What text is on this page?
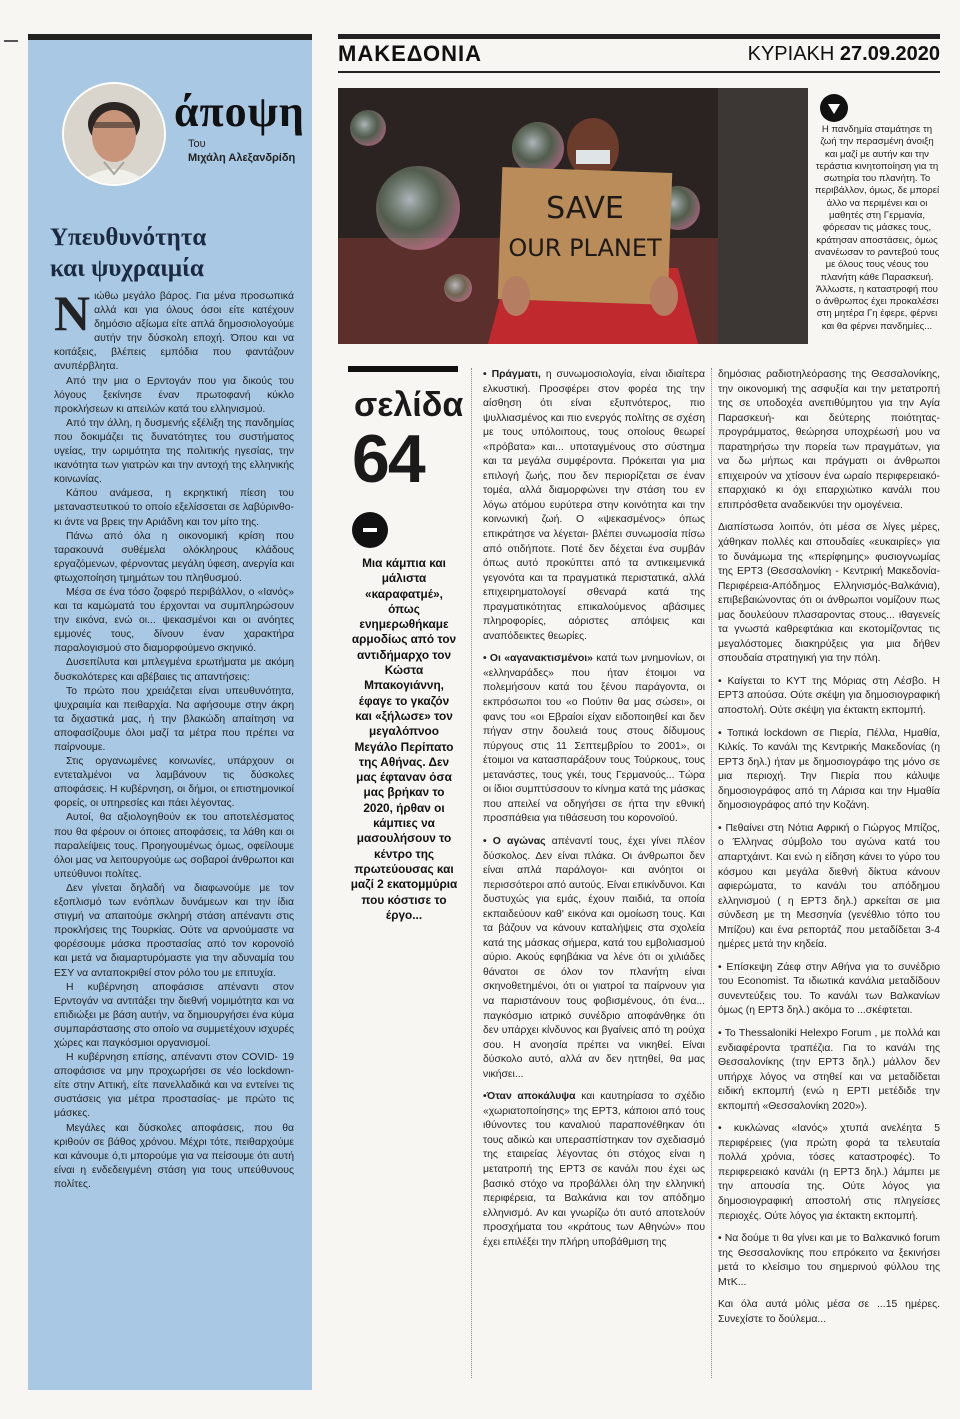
άποψη
Του
Μιχάλη Αλεξανδρίδη
Υπευθυνότητα
και ψυχραιμία

Νιώθω μεγάλο βάρος. Για μένα προσωπικά αλλά και για όλους όσοι είτε κατέχουν δημόσιο αξίωμα είτε απλά δημοσιολογούμε αυτήν την δύσκολη εποχή. Όπου και να κοιτάξεις, βλέπεις εμπόδια που φαντάζουν ανυπέρβλητα.

Από την μια ο Ερντογάν που για δικούς του λόγους ξεκίνησε έναν πρωτοφανή κύκλο προκλήσεων κι απειλών κατά του ελληνισμού.

Από την άλλη, η δυσμενής εξέλιξη της πανδημίας που δοκιμάζει τις δυνατότητες του συστήματος υγείας, την ωριμότητα της πολιτικής ηγεσίας, την ικανότητα των γιατρών και την αντοχή της ελληνικής κοινωνίας.

Κάπου ανάμεσα, η εκρηκτική πίεση του μεταναστευτικού το οποίο εξελίσσεται σε λαβύρινθο- κι άντε να βρεις την Αριάδνη και τον μίτο της.

Πάνω από όλα η οικονομική κρίση που ταρακουνά συθέμελα ολόκληρους κλάδους εργαζόμενων, φέρνοντας μεγάλη ύφεση, ανεργία και φτωχοποίηση τμημάτων του πληθυσμού.

Μέσα σε ένα τόσο ζοφερό περιβάλλον, ο «Ιανός» και τα καμώματά του έρχονται να συμπληρώσουν την εικόνα, ενώ οι... ψεκασμένοι και οι ανόητες εμμονές τους, δίνουν έναν χαρακτήρα παραλογισμού στο διαμορφούμενο σκηνικό.

Δυσεπίλυτα και μπλεγμένα ερωτήματα με ακόμη δυσκολότερες και αβέβαιες τις απαντήσεις:

Το πρώτο που χρειάζεται είναι υπευθυνότητα, ψυχραιμία και πειθαρχία. Να αφήσουμε στην άκρη τα διχαστικά μας, ή την βλακώδη απαίτηση να αποφασίζουμε όλοι μαζί τα μέτρα που πρέπει να παίρνουμε.

Στις οργανωμένες κοινωνίες, υπάρχουν οι εντεταλμένοι να λαμβάνουν τις δύσκολες αποφάσεις. Η κυβέρνηση, οι δήμοι, οι επιστημονικοί φορείς, οι υπηρεσίες και πάει λέγοντας.

Αυτοί, θα αξιολογηθούν εκ του αποτελέσματος που θα φέρουν οι όποιες αποφάσεις, τα λάθη και οι παραλείψεις τους. Προηγουμένως όμως, οφείλουμε όλοι μας να λειτουργούμε ως σοβαροί άνθρωποι και υπεύθυνοι πολίτες.

Δεν γίνεται δηλαδή να διαφωνούμε με τον εξοπλισμό των ενόπλων δυνάμεων και την ίδια στιγμή να απαιτούμε σκληρή στάση απέναντι στις προκλήσεις της Τουρκίας. Ούτε να αρνούμαστε να φορέσουμε μάσκα προστασίας από τον κορονοϊό και μετά να διαμαρτυρόμαστε για την αδυναμία του ΕΣΥ να ανταποκριθεί στον ρόλο του με επιτυχία.

Η κυβέρνηση αποφάσισε απέναντι στον Ερντογάν να αντιτάξει την διεθνή νομιμότητα και να επιδιώξει με βάση αυτήν, να δημιουργήσει ένα κύμα συμπαράστασης στο οποίο να συμμετέχουν ισχυρές χώρες και παγκόσμιοι οργανισμοί.

Η κυβέρνηση επίσης, απέναντι στον COVID- 19 αποφάσισε να μην προχωρήσει σε νέο lockdown- είτε στην Αττική, είτε πανελλαδικά και να εντείνει τις συστάσεις για μέτρα προστασίας- με πρώτο τις μάσκες.

Μεγάλες και δύσκολες αποφάσεις, που θα κριθούν σε βάθος χρόνου. Μέχρι τότε, πειθαρχούμε και κάνουμε ό,τι μπορούμε για να πείσουμε ότι αυτή είναι η ενδεδειγμένη στάση για τους υπεύθυνους πολίτες.

ΜΑΚΕΔΟΝΙΑ	ΚΥΡΙΑΚΗ 27.09.2020
SAVE
OUR PLANET
Η πανδημία σταμάτησε τη ζωή την περασμένη άνοιξη και μαζί με αυτήν και την τεράστια κινητοποίηση για τη σωτηρία του πλανήτη. Το περιβάλλον, όμως, δε μπορεί άλλο να περιμένει και οι μαθητές στη Γερμανία, φόρεσαν τις μάσκες τους, κράτησαν αποστάσεις, όμως ανανέωσαν το ραντεβού τους με όλους τους νέους του πλανήτη κάθε Παρασκευή. Άλλωστε, η καταστροφή που ο άνθρωπος έχει προκαλέσει στη μητέρα Γη έφερε, φέρνει και θα φέρνει πανδημίες...
σελίδα
64
Μια κάμπια και μάλιστα «καραφατμέ», όπως ενημερωθήκαμε αρμοδίως από τον αντιδήμαρχο τον Κώστα Μπακογιάννη, έφαγε το γκαζόν και «ξήλωσε» τον μεγαλόπνοο Μεγάλο Περίπατο της Αθήνας. Δεν μας έφταναν όσα μας βρήκαν το 2020, ήρθαν οι κάμπιες να μασουλήσουν το κέντρο της πρωτεύουσας και μαζί 2 εκατομμύρια που κόστισε το έργο...

• Πράγματι, η συνωμοσιολογία, είναι ιδιαίτερα ελκυστική. Προσφέρει στον φορέα της την αίσθηση ότι είναι εξυπνότερος, πιο ψυλλιασμένος και πιο ενεργός πολίτης σε σχέση με τους υπόλοιπους, τους οποίους θεωρεί «πρόβατα» και... υποταγμένους στο σύστημα και τα μεγάλα συμφέροντα. Πρόκειται για μια επιλογή ζωής, που δεν περιορίζεται σε έναν τομέα, αλλά διαμορφώνει την στάση του εν λόγω ατόμου ευρύτερα στην κοινότητα και την κοινωνική ζωή. Ο «ψεκασμένος» όπως επικράτησε να λέγεται- βλέπει συνωμοσία πίσω από οτιδήποτε. Ποτέ δεν δέχεται ένα συμβάν όπως αυτό προκύπτει από τα αντικειμενικά γεγονότα και τα πραγματικά περιστατικά, αλλά επιχειρηματολογεί σθεναρά κατά της πραγματικότητας επικαλούμενος αβάσιμες πληροφορίες, αόριστες απόψεις και αναπόδεικτες θεωρίες.

• Οι «αγανακτισμένοι» κατά των μνημονίων, οι «ελληναράδες» που ήταν έτοιμοι να πολεμήσουν κατά του ξένου παράγοντα, οι εκπρόσωποι του «ο Πούτιν θα μας σώσει», οι φανς του «οι Εβραίοι είχαν ειδοποιηθεί και δεν πήγαν στην δουλειά τους στους δίδυμους πύργους στις 11 Σεπτεμβρίου το 2001», οι έτοιμοι να κατασπαράξουν τους Τούρκους, τους μετανάστες, τους γκέι, τους Γερμανούς... Τώρα οι ίδιοι συμπτύσσουν το κίνημα κατά της μάσκας που απειλεί να οδηγήσει σε ήττα την εθνική προσπάθεια για τιθάσευση του κορονοϊού.

• Ο αγώνας απέναντί τους, έχει γίνει πλέον δύσκολος. Δεν είναι πλάκα. Οι άνθρωποι δεν είναι απλά παράλογοι- και ανόητοι οι περισσότεροι από αυτούς. Είναι επικίνδυνοι. Και δυστυχώς για εμάς, έχουν παιδιά, τα οποία εκπαιδεύουν καθ' εικόνα και ομοίωση τους. Και τα βάζουν να κάνουν καταλήψεις στα σχολεία κατά της μάσκας σήμερα, κατά του εμβολιασμού αύριο. Ακούς εφηβάκια να λένε ότι οι χιλιάδες θάνατοι σε όλον τον πλανήτη είναι σκηνοθετημένοι, ότι οι γιατροί τα παίρνουν για να παριστάνουν τους φοβισμένους, ότι ένα... παγκόσμιο ιατρικό συνέδριο αποφάνθηκε ότι δεν υπάρχει κίνδυνος και βγαίνεις από τη ρούχα σου. Η ανοησία πρέπει να νικηθεί. Είναι δύσκολο αυτό, αλλά αν δεν ηττηθεί, θα μας νικήσει...

•Όταν αποκάλυψα και καυτηρίασα το σχέδιο «χωριατοποίησης» της ΕΡΤ3, κάποιοι από τους ιθύνοντες του καναλιού παραπονέθηκαν ότι τους αδικώ και υπερασπίστηκαν τον σχεδιασμό της εταιρείας λέγοντας ότι στόχος είναι η μετατροπή της ΕΡΤ3 σε κανάλι που έχει ως βασικό στόχο να προβάλλει όλη την ελληνική περιφέρεια, τα Βαλκάνια και τον απόδημο ελληνισμό. Αν και γνωρίζω ότι αυτό αποτελούν προσχήματα του «κράτους των Αθηνών» που έχει επιλέξει την πλήρη υποβάθμιση της

δημόσιας ραδιοτηλεόρασης της Θεσσαλονίκης, την οικονομική της ασφυξία και την μετατροπή της σε υποδοχέα ανεπιθύμητου για την Αγία Παρασκευή- και δεύτερης ποιότητας- προγράμματος, θεώρησα υποχρέωσή μου να παρατηρήσω την πορεία των πραγμάτων, για να δω μήπως και πράγματι οι άνθρωποι επιχειρούν να χτίσουν ένα ωραίο περιφερειακό- επαρχιακό κι όχι επαρχιώτικο κανάλι που επιπρόσθετα αναδεικνύει την ομογένεια.

Διαπίστωσα λοιπόν, ότι μέσα σε λίγες μέρες, χάθηκαν πολλές και σπουδαίες «ευκαιρίες» για το δυνάμωμα της «περίφημης» φυσιογνωμίας της ΕΡΤ3 (Θεσσαλονίκη - Κεντρική Μακεδονία- Περιφέρεια-Απόδημος Ελληνισμός-Βαλκάνια), επιβεβαιώνοντας ότι οι άνθρωποι νομίζουν πως μας δουλεύουν πλασαροντας στους... ιθαγενείς τα γνωστά καθρεφτάκια και εκοτομίζοντας τις μεγαλόστομες διακηρύξεις για μια δήθεν σπουδαία στρατηγική για την πόλη.

• Καίγεται το ΚΥΤ της Μόριας στη Λέσβο. Η ΕΡΤ3 απούσα. Ούτε σκέψη για δημοσιογραφική αποστολή. Ούτε σκέψη για έκτακτη εκπομπή.

• Τοπικά lockdown σε Πιερία, Πέλλα, Ημαθία, Κιλκίς. Το κανάλι της Κεντρικής Μακεδονίας (η ΕΡΤ3 δηλ.) ήταν με δημοσιογράφο της μόνο σε μια περιοχή. Την Πιερία που κάλυψε δημοσιογράφος από τη Λάρισα και την Ημαθία δημοσιογράφος από την Κοζάνη.

• Πεθαίνει στη Νότια Αφρική ο Γιώργος Μπίζος, ο Έλληνας σύμβολο του αγώνα κατά του απαρτχάιντ. Και ενώ η είδηση κάνει το γύρο του κόσμου και μεγάλα διεθνή δίκτυα κάνουν αφιερώματα, το κανάλι του απόδημου ελληνισμού ( η ΕΡΤ3 δηλ.) αρκείται σε μια σύνδεση με τη Μεσσηνία (γενέθλιο τόπο του Μπίζου) και ένα ρεπορτάζ που μεταδίδεται 3-4 ημέρες μετά την κηδεία.

• Επίσκεψη Ζάεφ στην Αθήνα για το συνέδριο του Economist. Τα ιδιωτικά κανάλια μεταδίδουν συνεντεύξεις του. Το κανάλι των Βαλκανίων όμως (η ΕΡΤ3 δηλ.) ακόμα το ...σκέφτεται.

• Το Thessaloniki Helexpo Forum , με πολλά και ενδιαφέροντα τραπέζια. Για το κανάλι της Θεσσαλονίκης (την ΕΡΤ3 δηλ.) μάλλον δεν υπήρχε λόγος να στηθεί και να μεταδίδεται ειδική εκπομπή (ενώ η ΕΡΤΙ μετέδιδε την εκπομπή «Θεσσαλονίκη 2020»).

• κυκλώνας «Ιανός» χτυπά ανελέητα 5 περιφέρειες (για πρώτη φορά τα τελευταία πολλά χρόνια, τόσες καταστροφές). Το περιφερειακό κανάλι (η ΕΡΤ3 δηλ.) λάμπει με την απουσία της. Ούτε λόγος για δημοσιογραφική αποστολή στις πληγείσες περιοχές. Ούτε λόγος για έκτακτη εκπομπή.

• Να δούμε τι θα γίνει και με το Βαλκανικό forum της Θεσσαλονίκης που επρόκειτο να ξεκινήσει μετά το κλείσιμο του σημερινού φύλλου της ΜτΚ...

Και όλα αυτά μόλις μέσα σε ...15 ημέρες. Συνεχίστε το δούλεμα...
